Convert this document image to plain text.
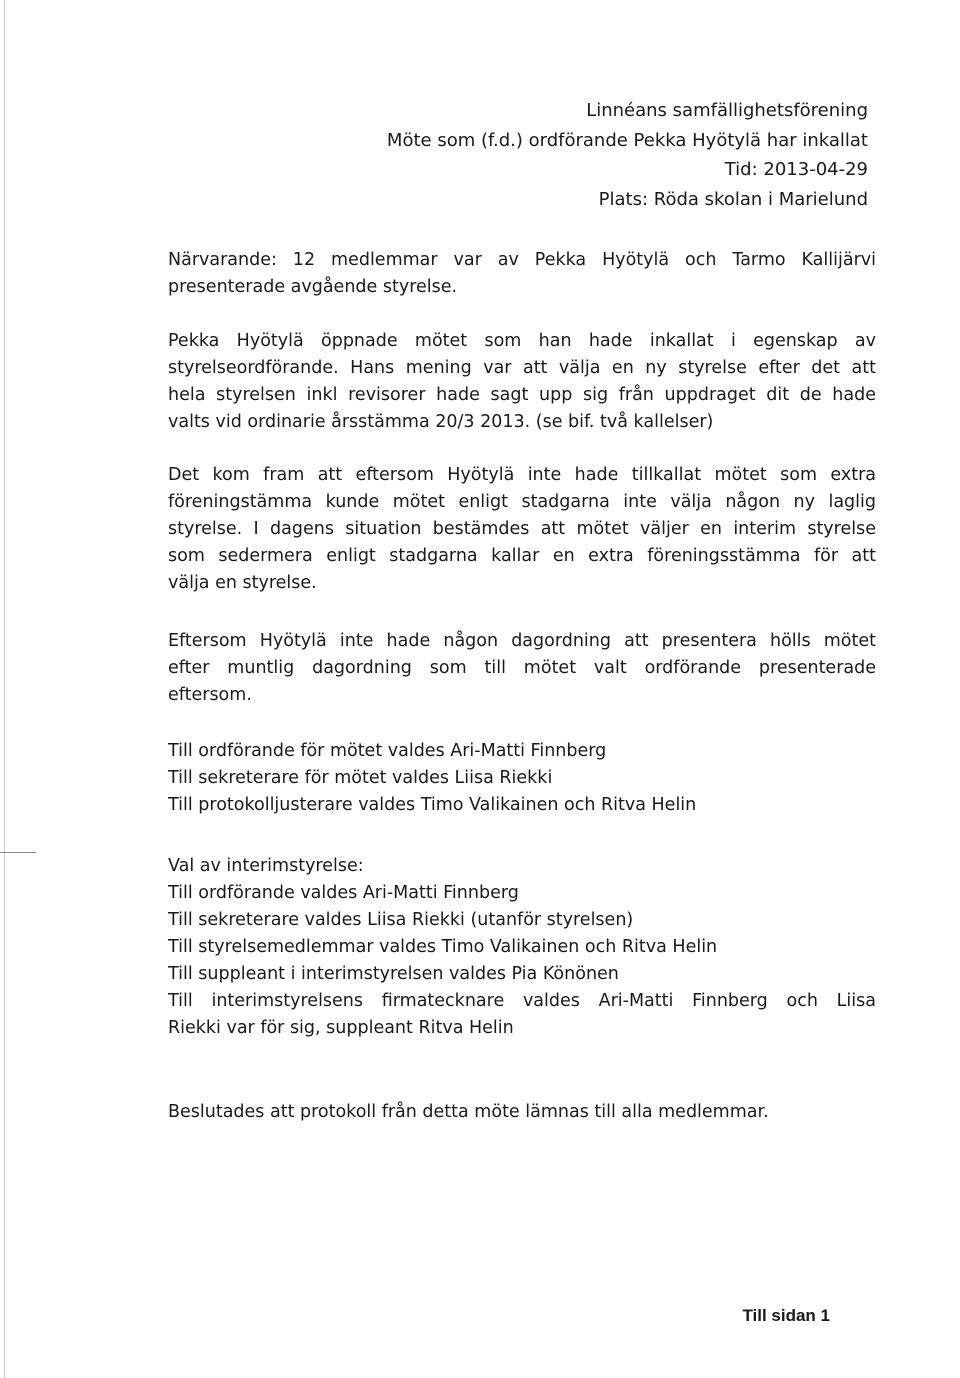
Linnéans samfällighetsförening
Möte som (f.d.) ordförande Pekka Hyötylä har inkallat
Tid: 2013-04-29
Plats: Röda skolan i Marielund
Närvarande: 12 medlemmar var av Pekka Hyötylä och Tarmo Kallijärvi
presenterade avgående styrelse.
Pekka Hyötylä öppnade mötet som han hade inkallat i egenskap av
styrelseordförande. Hans mening var att välja en ny styrelse efter det att
hela styrelsen inkl revisorer hade sagt upp sig från uppdraget dit de hade
valts vid ordinarie årsstämma 20/3 2013. (se bif. två kallelser)
Det kom fram att eftersom Hyötylä inte hade tillkallat mötet som extra
föreningstämma kunde mötet enligt stadgarna inte välja någon ny laglig
styrelse. I dagens situation bestämdes att mötet väljer en interim styrelse
som sedermera enligt stadgarna kallar en extra föreningsstämma för att
välja en styrelse.
Eftersom Hyötylä inte hade någon dagordning att presentera hölls mötet
efter muntlig dagordning som till mötet valt ordförande presenterade
eftersom.
Till ordförande för mötet valdes Ari-Matti Finnberg
Till sekreterare för mötet valdes Liisa Riekki
Till protokolljusterare valdes Timo Valikainen och Ritva Helin
Val av interimstyrelse:
Till ordförande valdes Ari-Matti Finnberg
Till sekreterare valdes Liisa Riekki (utanför styrelsen)
Till styrelsemedlemmar valdes Timo Valikainen och Ritva Helin
Till suppleant i interimstyrelsen valdes Pia Könönen
Till interimstyrelsens firmatecknare valdes Ari-Matti Finnberg och Liisa
Riekki var för sig, suppleant Ritva Helin
Beslutades att protokoll från detta möte lämnas till alla medlemmar.
Till sidan 1
